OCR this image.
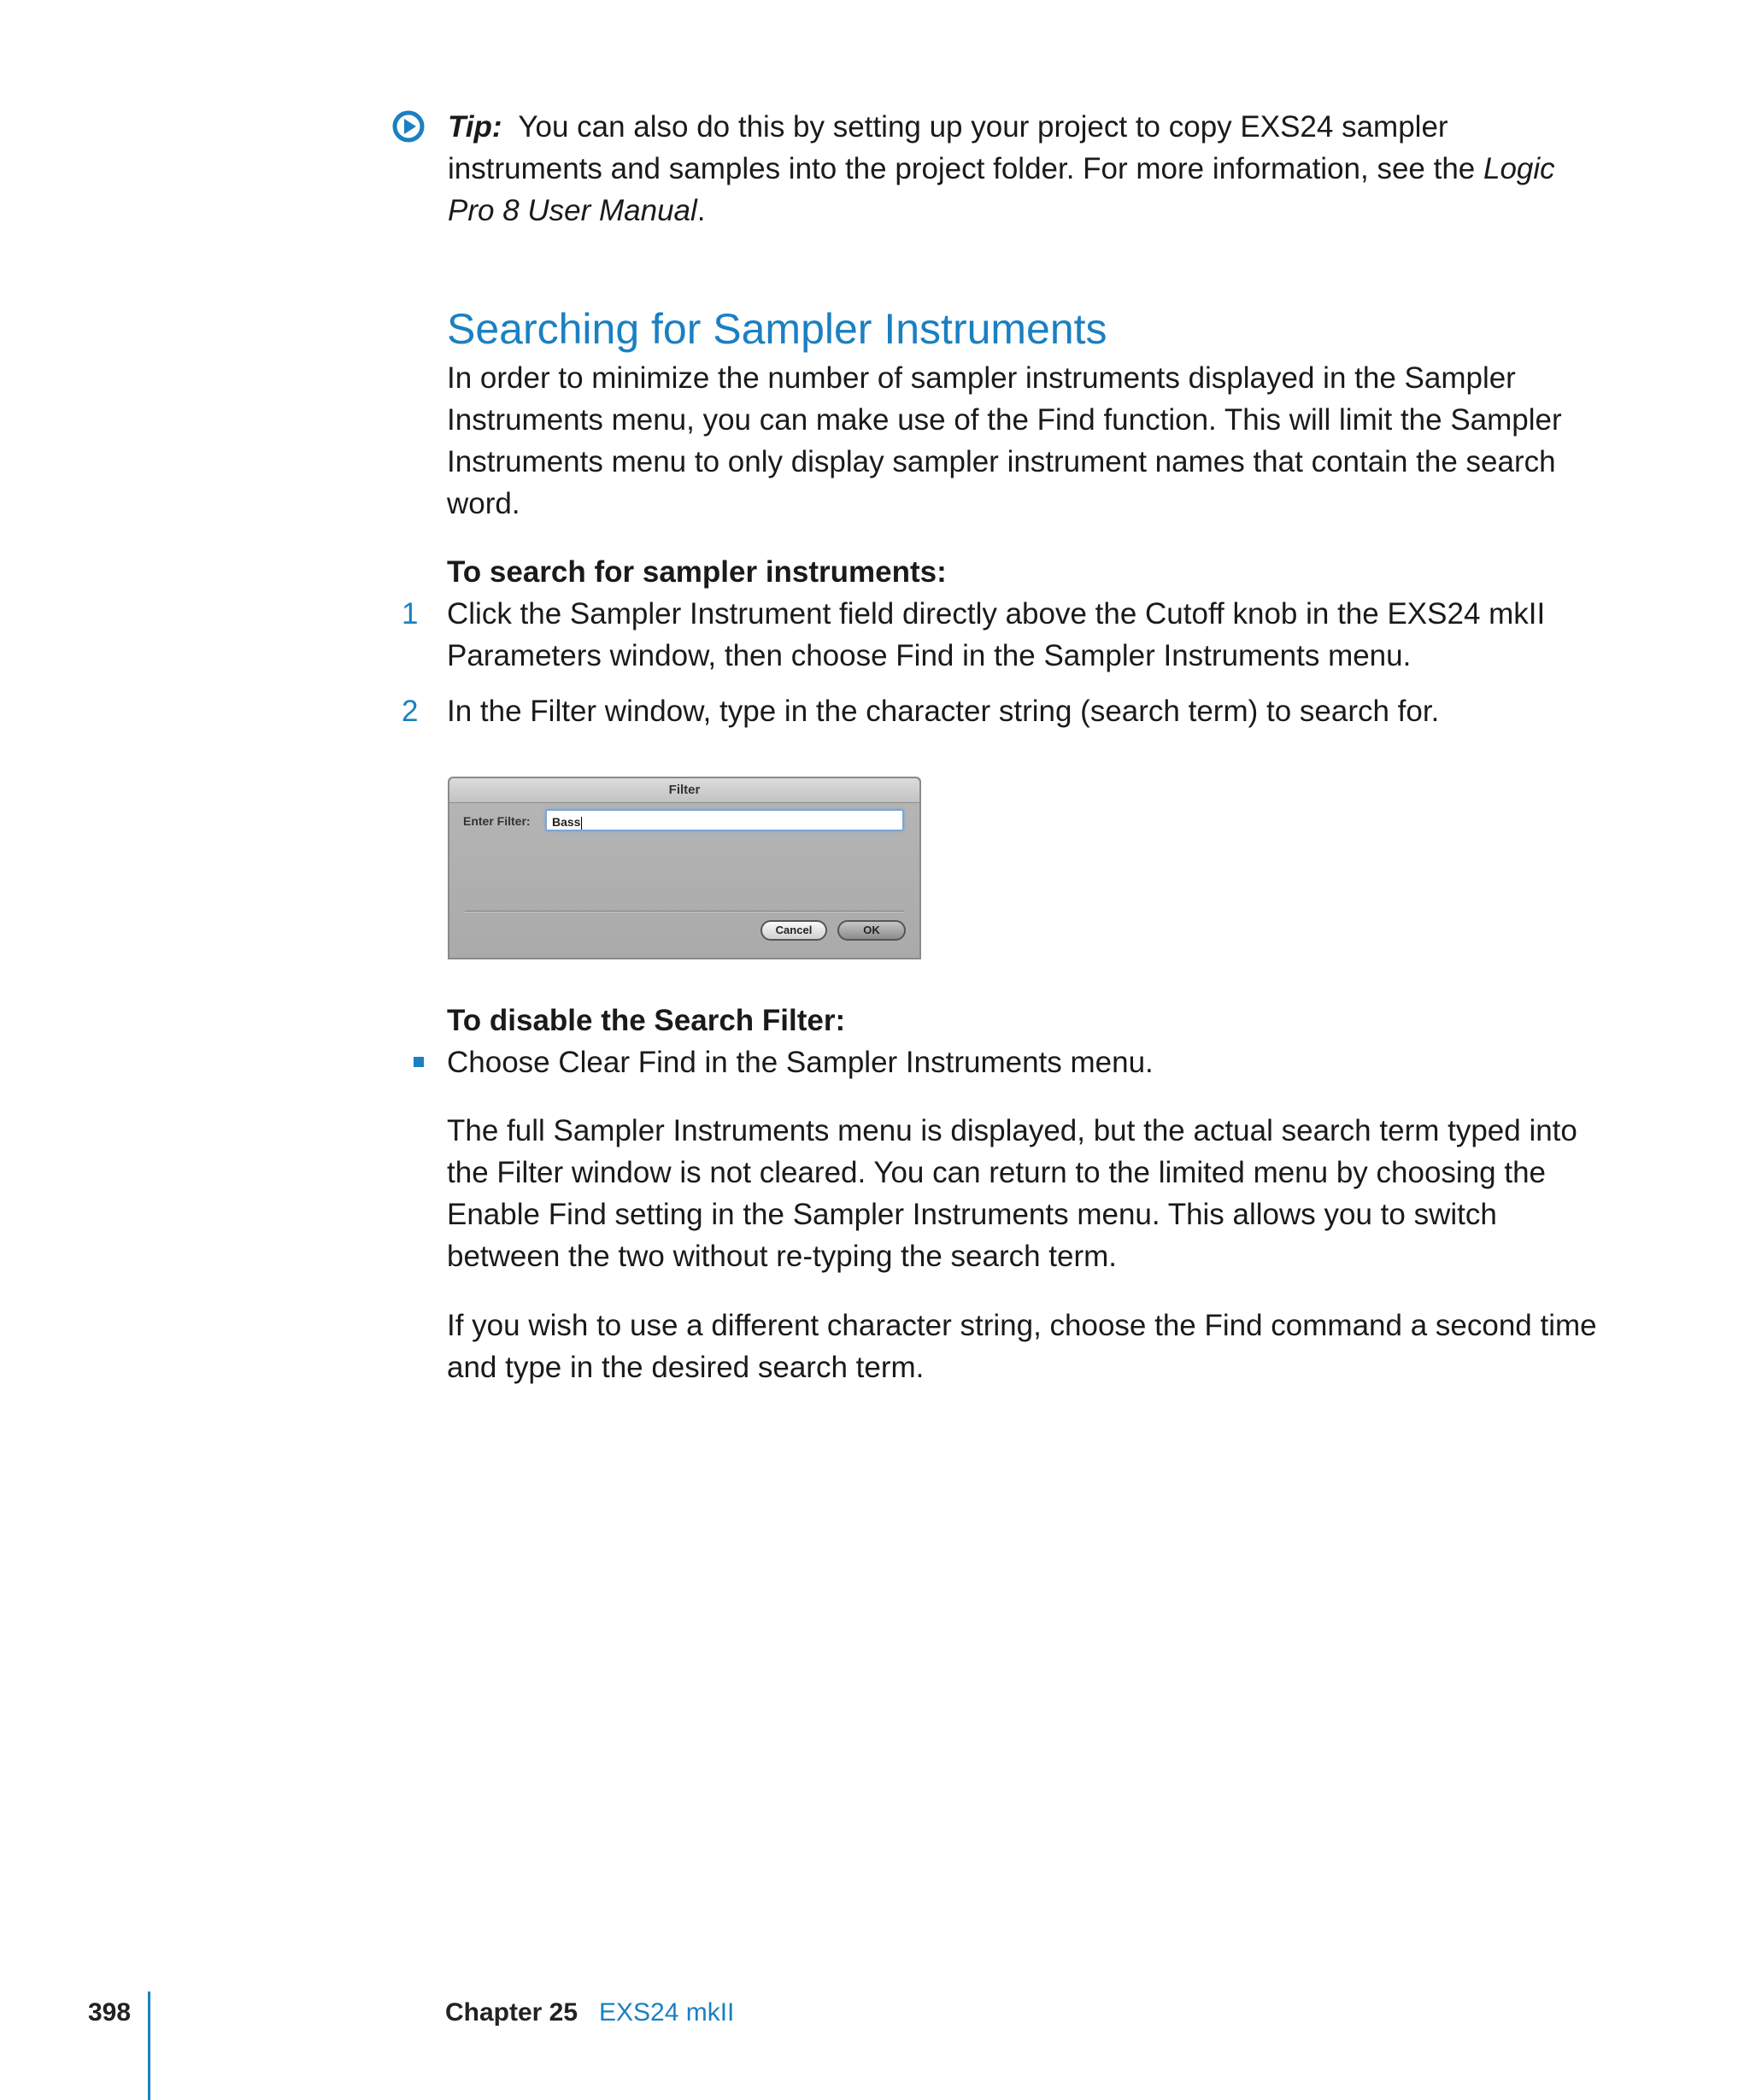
Tip: You can also do this by setting up your project to copy EXS24 sampler instruments and samples into the project folder. For more information, see the Logic Pro 8 User Manual.
Searching for Sampler Instruments
In order to minimize the number of sampler instruments displayed in the Sampler Instruments menu, you can make use of the Find function. This will limit the Sampler Instruments menu to only display sampler instrument names that contain the search word.
To search for sampler instruments:
1 Click the Sampler Instrument field directly above the Cutoff knob in the EXS24 mkII Parameters window, then choose Find in the Sampler Instruments menu.
2 In the Filter window, type in the character string (search term) to search for.
Filter
Enter Filter:	Bass
Cancel	OK
To disable the Search Filter:
Choose Clear Find in the Sampler Instruments menu.
The full Sampler Instruments menu is displayed, but the actual search term typed into the Filter window is not cleared. You can return to the limited menu by choosing the Enable Find setting in the Sampler Instruments menu. This allows you to switch between the two without re-typing the search term.
If you wish to use a different character string, choose the Find command a second time and type in the desired search term.
398	Chapter 25 EXS24 mkII
